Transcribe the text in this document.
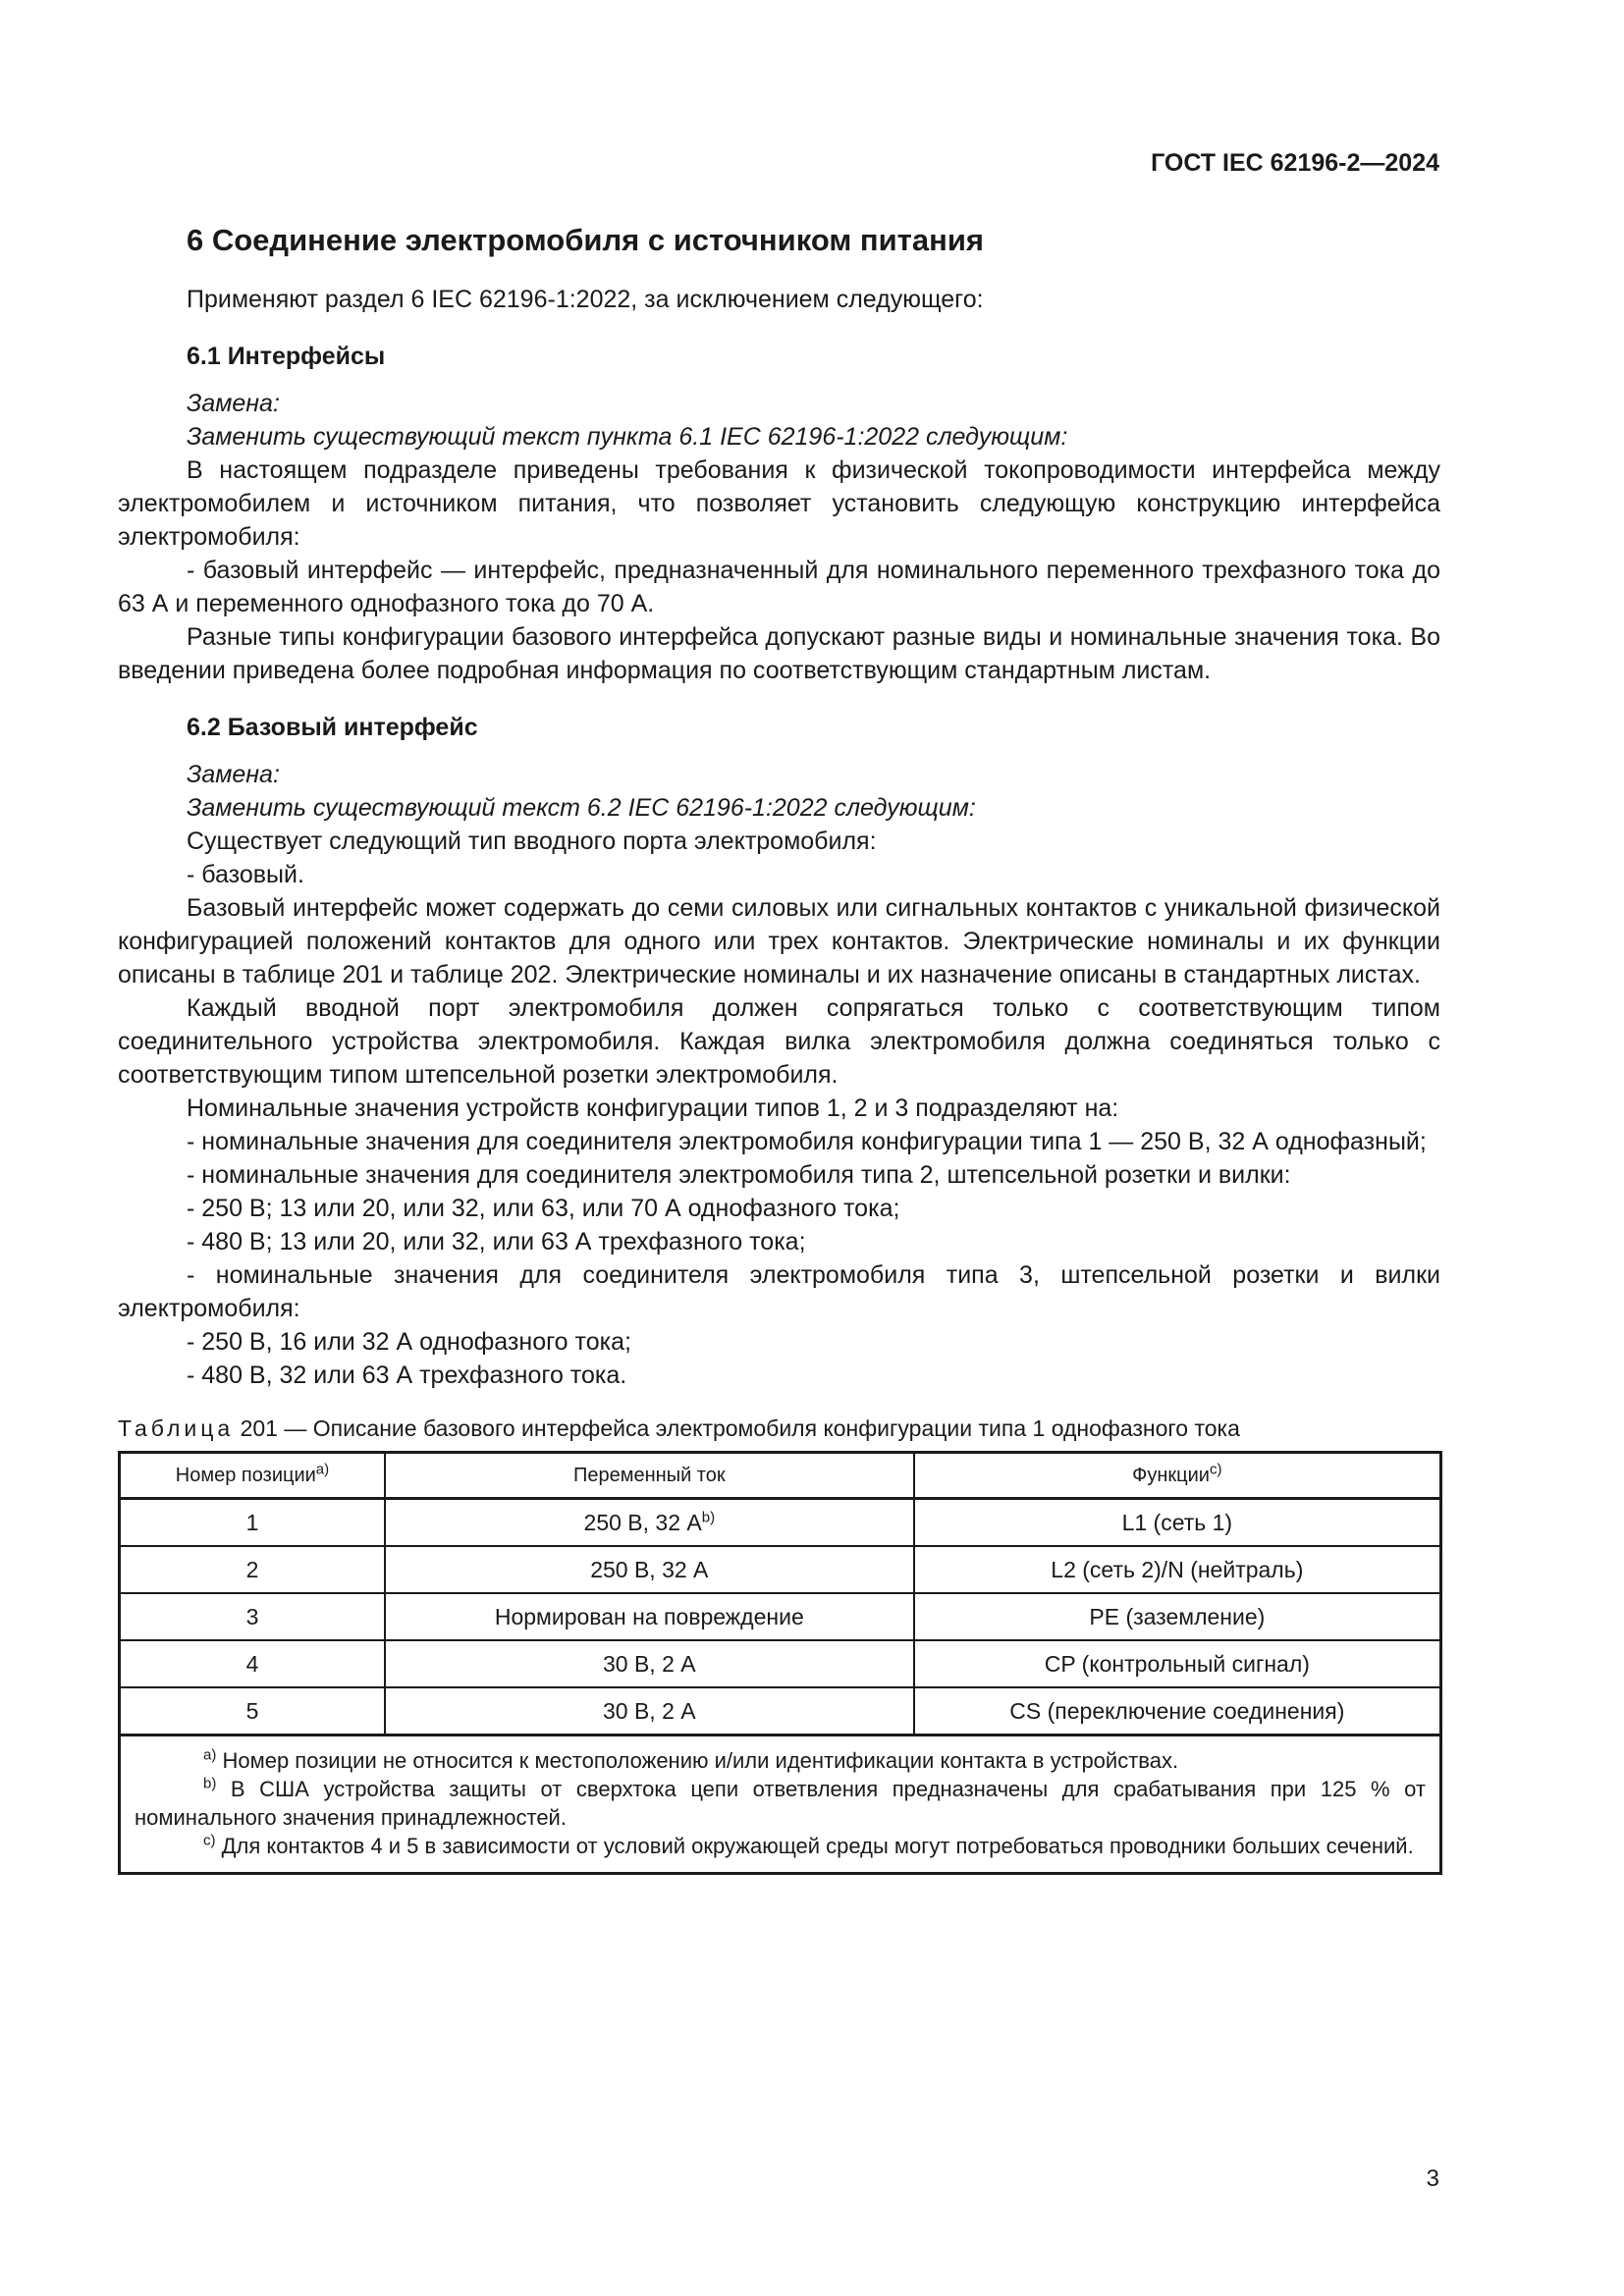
ГОСТ IEC 62196-2—2024
6 Соединение электромобиля с источником питания

Применяют раздел 6 IEC 62196-1:2022, за исключением следующего:

6.1 Интерфейсы

Замена:

Заменить существующий текст пункта 6.1 IEC 62196-1:2022 следующим:

В настоящем подразделе приведены требования к физической токопроводимости интерфейса между электромобилем и источником питания, что позволяет установить следующую конструкцию интерфейса электромобиля:

- базовый интерфейс — интерфейс, предназначенный для номинального переменного трехфазного тока до 63 А и переменного однофазного тока до 70 А.

Разные типы конфигурации базового интерфейса допускают разные виды и номинальные значения тока. Во введении приведена более подробная информация по соответствующим стандартным листам.

6.2 Базовый интерфейс

Замена:

Заменить существующий текст 6.2 IEC 62196-1:2022 следующим:

Существует следующий тип вводного порта электромобиля:

- базовый.

Базовый интерфейс может содержать до семи силовых или сигнальных контактов с уникальной физической конфигурацией положений контактов для одного или трех контактов. Электрические номиналы и их функции описаны в таблице 201 и таблице 202. Электрические номиналы и их назначение описаны в стандартных листах.

Каждый вводной порт электромобиля должен сопрягаться только с соответствующим типом соединительного устройства электромобиля. Каждая вилка электромобиля должна соединяться только с соответствующим типом штепсельной розетки электромобиля.

Номинальные значения устройств конфигурации типов 1, 2 и 3 подразделяют на:

- номинальные значения для соединителя электромобиля конфигурации типа 1 — 250 В, 32 А однофазный;

- номинальные значения для соединителя электромобиля типа 2, штепсельной розетки и вилки:

- 250 В; 13 или 20, или 32, или 63, или 70 А однофазного тока;

- 480 В; 13 или 20, или 32, или 63 А трехфазного тока;

- номинальные значения для соединителя электромобиля типа 3, штепсельной розетки и вилки электромобиля:

- 250 В, 16 или 32 А однофазного тока;

- 480 В, 32 или 63 А трехфазного тока.

Таблица 201 — Описание базового интерфейса электромобиля конфигурации типа 1 однофазного тока
Номер позиции$^{a)}$	Переменный ток	Функции$^{c)}$
1	250 В, 32 $А^{b)}$	L1 (сеть 1)
2	250 В, 32 А	L2 (сеть 2)/N (нейтраль)
3	Нормирован на повреждение	PE (заземление)
4	30 В, 2 А	CP (контрольный сигнал)
5	30 В, 2 А	CS (переключение соединения)

$^{a)}$ Номер позиции не относится к местоположению и/или идентификации контакта в устройствах.

$^{b)}$ В США устройства защиты от сверхтока цепи ответвления предназначены для срабатывания при 125 % от номинального значения принадлежностей.

$^{c)}$ Для контактов 4 и 5 в зависимости от условий окружающей среды могут потребоваться проводники больших сечений.		

3
